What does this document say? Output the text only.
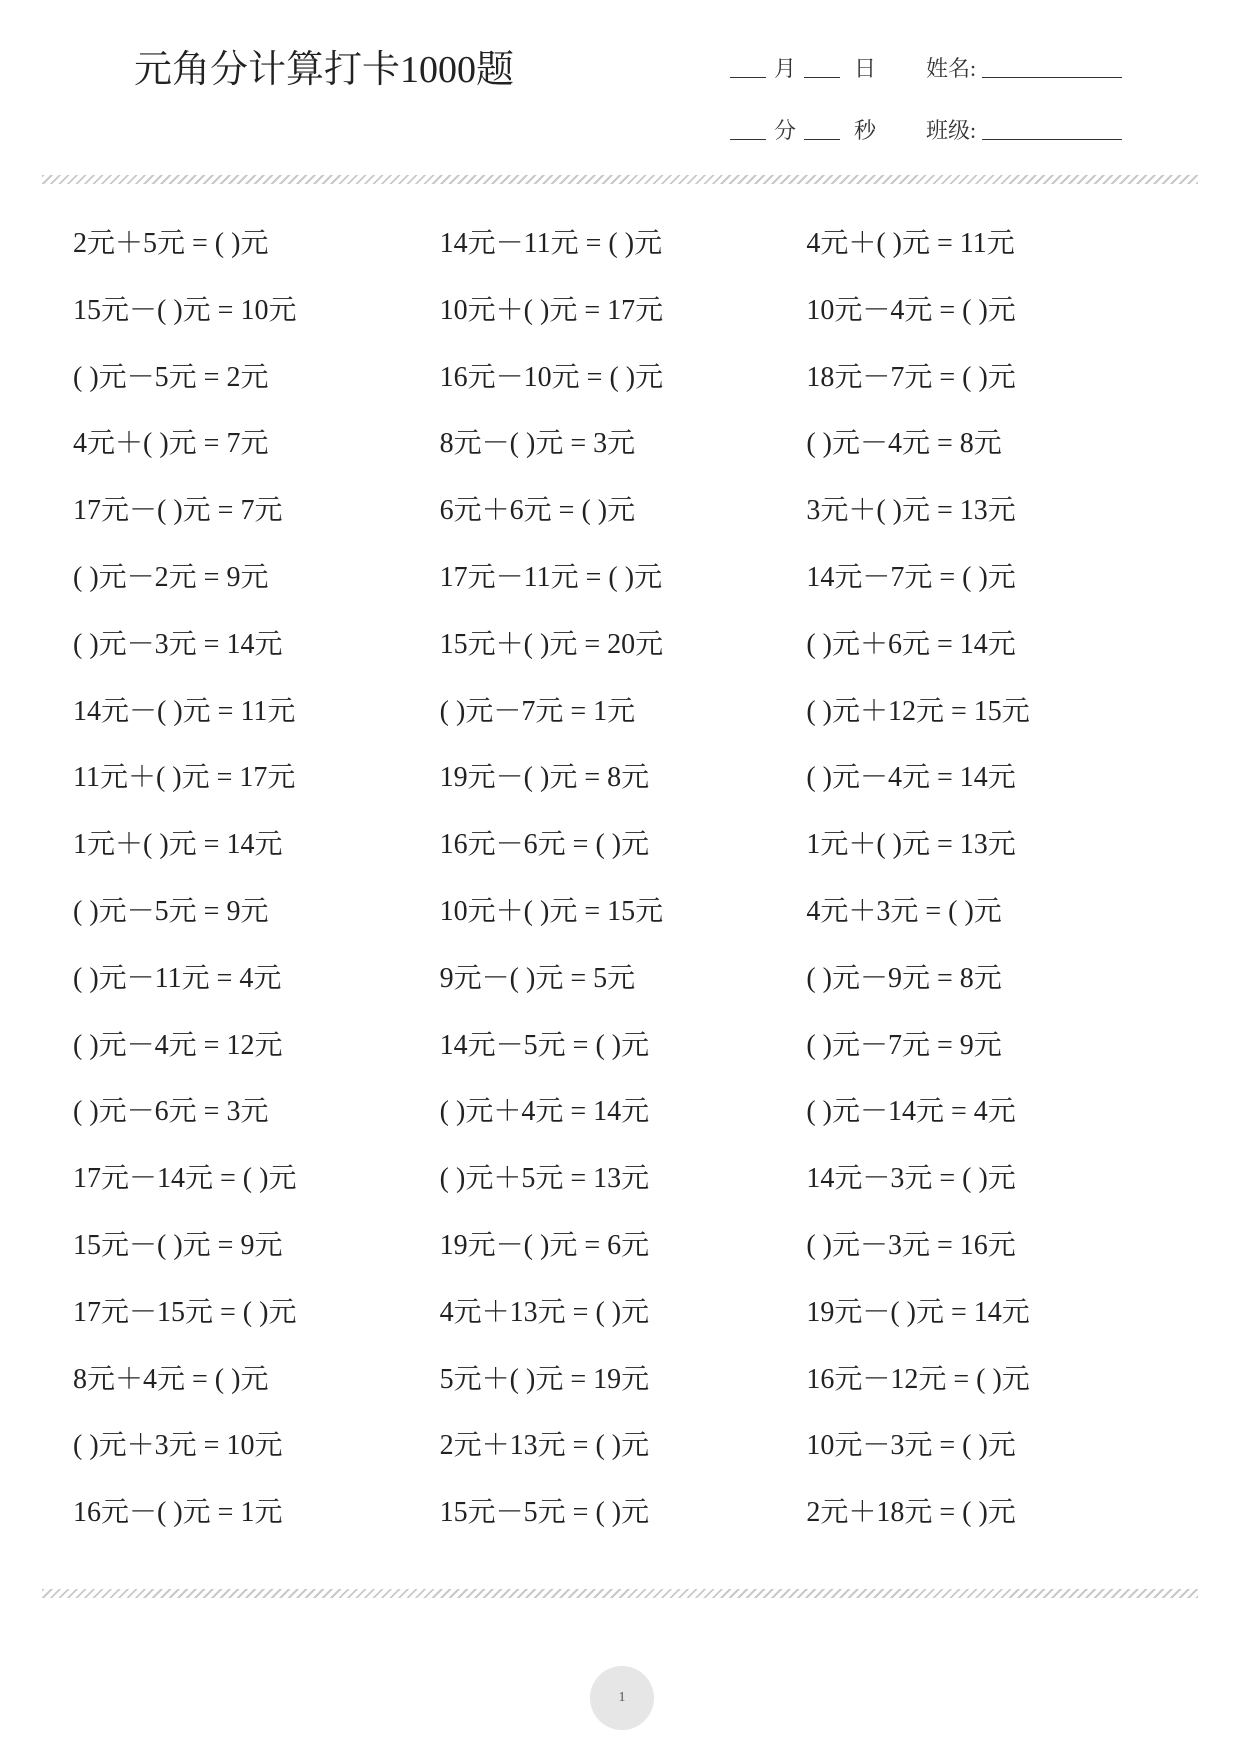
元角分计算打卡1000题	月	日 姓名:
分	秒 班级:
2元＋5元 = ( )元	14元－11元 = ( )元	4元＋( )元 = 11元
15元－( )元 = 10元	10元＋( )元 = 17元	10元－4元 = ( )元
( )元－5元 = 2元	16元－10元 = ( )元	18元－7元 = ( )元
4元＋( )元 = 7元	8元－( )元 = 3元	( )元－4元 = 8元
17元－( )元 = 7元	6元＋6元 = ( )元	3元＋( )元 = 13元
( )元－2元 = 9元	17元－11元 = ( )元	14元－7元 = ( )元
( )元－3元 = 14元	15元＋( )元 = 20元	( )元＋6元 = 14元
14元－( )元 = 11元	( )元－7元 = 1元	( )元＋12元 = 15元
11元＋( )元 = 17元	19元－( )元 = 8元	( )元－4元 = 14元
1元＋( )元 = 14元	16元－6元 = ( )元	1元＋( )元 = 13元
( )元－5元 = 9元	10元＋( )元 = 15元	4元＋3元 = ( )元
( )元－11元 = 4元	9元－( )元 = 5元	( )元－9元 = 8元
( )元－4元 = 12元	14元－5元 = ( )元	( )元－7元 = 9元
( )元－6元 = 3元	( )元＋4元 = 14元	( )元－14元 = 4元
17元－14元 = ( )元	( )元＋5元 = 13元	14元－3元 = ( )元
15元－( )元 = 9元	19元－( )元 = 6元	( )元－3元 = 16元
17元－15元 = ( )元	4元＋13元 = ( )元	19元－( )元 = 14元
8元＋4元 = ( )元	5元＋( )元 = 19元	16元－12元 = ( )元
( )元＋3元 = 10元	2元＋13元 = ( )元	10元－3元 = ( )元
16元－( )元 = 1元	15元－5元 = ( )元	2元＋18元 = ( )元
1
